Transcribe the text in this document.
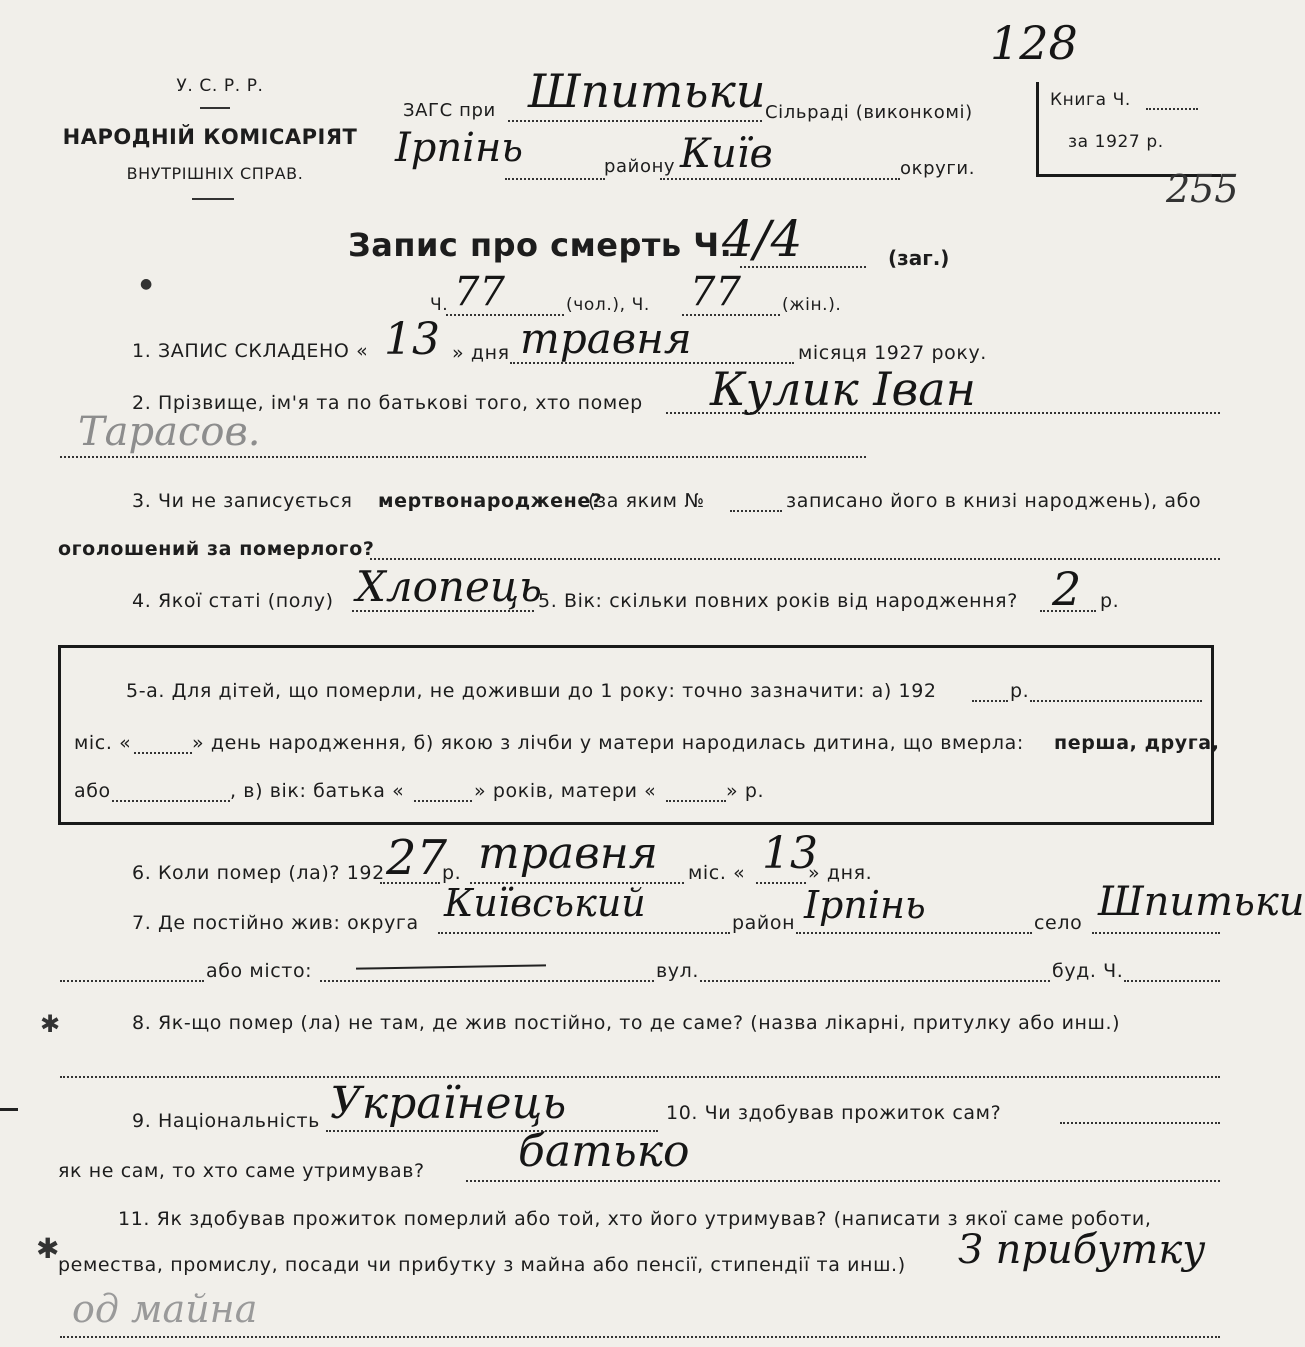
У. С. Р. Р.
НАРОДНІЙ КОМІСАРІЯТ
ВНУТРІШНІХ СПРАВ.
ЗАГС при Шпитьки Сільраді (виконкомі)
Ірпінь	району Київ	округи.
128
Книга Ч.
за 1927 р.
255
Запис про смерть Ч.
4/4	(заг.)
Ч. 77	(чол.), Ч. 77 (жін.).
●
1. ЗАПИС СКЛАДЕНО « 13 » дня травня	місяця 1927 року.
2. Прізвище, ім'я та по батькові того, хто помер Кулик Іван
Тарасов.
3. Чи не записується мертвонароджене?
(за яким №	записано його в книзі народжень), або
оголошений за померлого?
4. Якої статі (полу) Хлопець
5. Вік: скільки повних років від народження? 2 р.
5-а. Для дітей, що померли, не доживши до 1 року: точно зазначити: а) 192	р.
міс. «	» день народження, б) якою з лічби у матери народилась дитина, що вмерла: перша, друга,
або	, в) вік: батька «	» років, матери «	» р.
6. Коли помер (ла)? 192 27
р. травня міс. « 13
» дня.
7. Де постійно жив: округа Київський	район Ірпінь	село Шпитьки
або місто:	вул.	буд. Ч.
✱	8. Як-що помер (ла) не там, де жив постійно, то де саме? (назва лікарні, притулку або инш.)
9. Національність Українець	10. Чи здобував прожиток сам?
як не сам, то хто саме утримував? батько
✱
11. Як здобував прожиток померлий або той, хто його утримував? (написати з якої саме роботи,
ремества, промислу, посади чи прибутку з майна або пенсії, стипендії та инш.) З прибутку
од майна
